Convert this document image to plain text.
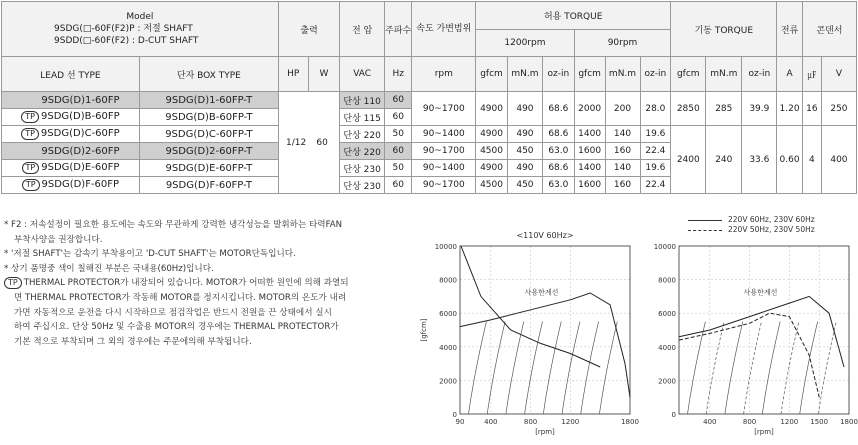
Model
9SDG(□-60F(F2)P : 저절 SHAFT
9SDD(□-60F(F2) : D-CUT SHAFT		출력		전 압	주파수	속도 가변범위	허용 TORQUE						기동 TORQUE			전류	콘덴서	
							1200rpm			90rpm								
LEAD 선 TYPE	단자 BOX TYPE	HP	W	VAC	Hz	rpm	gfcm	mN.m	oz-in	gfcm	mN.m	oz-in	gfcm	mN.m	oz-in	A	㎌	V
9SDG(D)1-60FP	9SDG(D)1-60FP-T	1/12 60		단상 110	60	90~1700	4900	490	68.6	2000	200	28.0	2850	285	39.9	1.20	16	250
TP 9SDG(D)B-60FP	9SDG(D)B-60FP-T			단상 115	60													
TP 9SDG(D)C-60FP	9SDG(D)C-60FP-T			단상 220	50	90~1400	4900	490	68.6	1400	140	19.6	2400	240	33.6	0.60	4	400
9SDG(D)2-60FP	9SDG(D)2-60FP-T			단상 220	60	90~1700	4500	450	63.0	1600	160	22.4						
TP 9SDG(D)E-60FP	9SDG(D)E-60FP-T			단상 230	50	90~1400	4900	490	68.6	1400	140	19.6						
TP 9SDG(D)F-60FP	9SDG(D)F-60FP-T			단상 230	60	90~1700	4500	450	63.0	1600	160	22.4						

* F2 : 저속설정이 필요한 용도에는 속도와 무관하게 강력한 냉각성능을 발휘하는 타력FAN

부착사양을 권장합니다.

* '저절 SHAFT'는 감속기 부착용이고 'D-CUT SHAFT'는 MOTOR단독입니다.

* 상기 품명중 색이 칠해진 부분은 국내용(60Hz)입니다.

TP THERMAL PROTECTOR가 내장되어 있습니다. MOTOR가 어떠한 원인에 의해 과열되

면 THERMAL PROTECTOR가 작동해 MOTOR를 정지시킵니다. MOTOR의 온도가 내려

가면 자동적으로 운전을 다시 시작하므로 점검작업은 반드시 전원을 끈 상태에서 실시

하여 주십시요. 단상 50Hz 및 수출용 MOTOR의 경우에는 THERMAL PROTECTOR가

기본 적으로 부착되며 그 외의 경우에는 주문에의해 부착됩니다.

220V 60Hz, 230V 60Hz
220V 50Hz, 230V 50Hz
<110V 60Hz>
0
2000
4000
6000
8000
10000
90	400	800	1200	1800
[rpm]
[gfcm]
사용한계선
0
2000
4000
6000
8000
10000
400	800	1200 1500 1800
[rpm]
사용한계선
